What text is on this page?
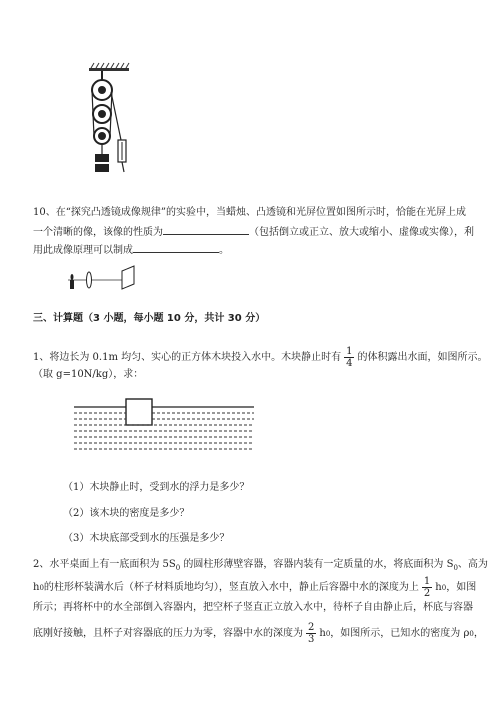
10、在“探究凸透镜成像规律”的实验中，当蜡烛、凸透镜和光屏位置如图所示时，恰能在光屏上成
一个清晰的像，该像的性质为	（包括倒立或正立、放大或缩小、虚像或实像），利
用此成像原理可以制成	。
三、计算题（3 小题，每小题 10 分，共计 30 分）
1、将边长为 0.1m 均匀、实心的正方体木块投入水中。木块静止时有 $\frac{1}{4}$ 的体积露出水面，如图所示。
（取 g=10N/kg），求：
（1）木块静止时，受到水的浮力是多少？
（2）该木块的密度是多少？
（3）木块底部受到水的压强是多少？
2、水平桌面上有一底面积为 $5S_0$ 的圆柱形薄壁容器，容器内装有一定质量的水，将底面积为 $S_0$、高为
h 0 的柱形杯装满水后（杯子材料质地均匀），竖直放入水中，静止后容器中水的深度为上 $\frac{1}{2}$ h 0 ，如图
所示；再将杯中的水全部倒入容器内，把空杯子竖直正立放入水中，待杯子自由静止后，杯底与容器
底刚好接触，且杯子对容器底的压力为零，容器中水的深度为 $\frac{2}{3}$ h 0 ，如图所示，已知水的密度为 ρ 0 ，
